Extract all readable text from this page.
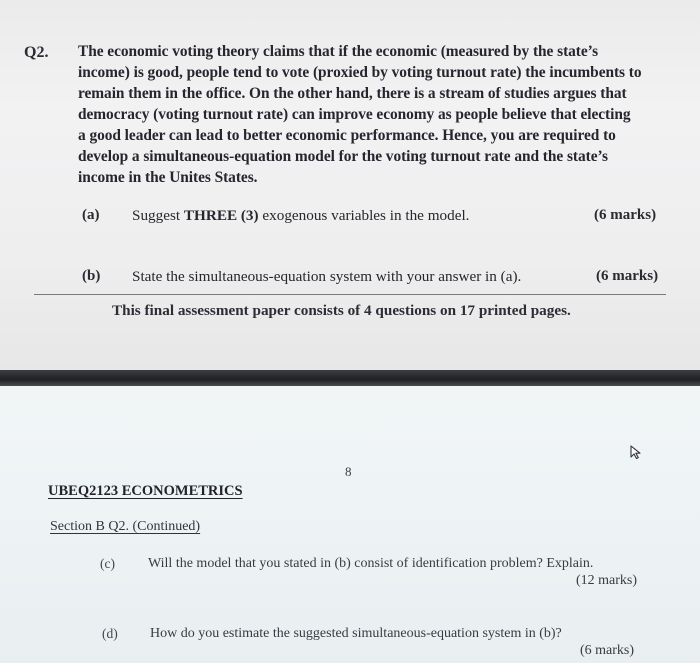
Q2. The economic voting theory claims that if the economic (measured by the state’s
income) is good, people tend to vote (proxied by voting turnout rate) the incumbents to
remain them in the office. On the other hand, there is a stream of studies argues that
democracy (voting turnout rate) can improve economy as people believe that electing
a good leader can lead to better economic performance. Hence, you are required to
develop a simultaneous-equation model for the voting turnout rate and the state’s
income in the Unites States.
(a) Suggest THREE (3) exogenous variables in the model.	(6 marks)
(b) State the simultaneous-equation system with your answer in (a).	(6 marks)
This final assessment paper consists of 4 questions on 17 printed pages.
8
UBEQ2123 ECONOMETRICS
Section B Q2. (Continued)
(c) Will the model that you stated in (b) consist of identification problem? Explain.
(12 marks)
(d) How do you estimate the suggested simultaneous-equation system in (b)?
(6 marks)
